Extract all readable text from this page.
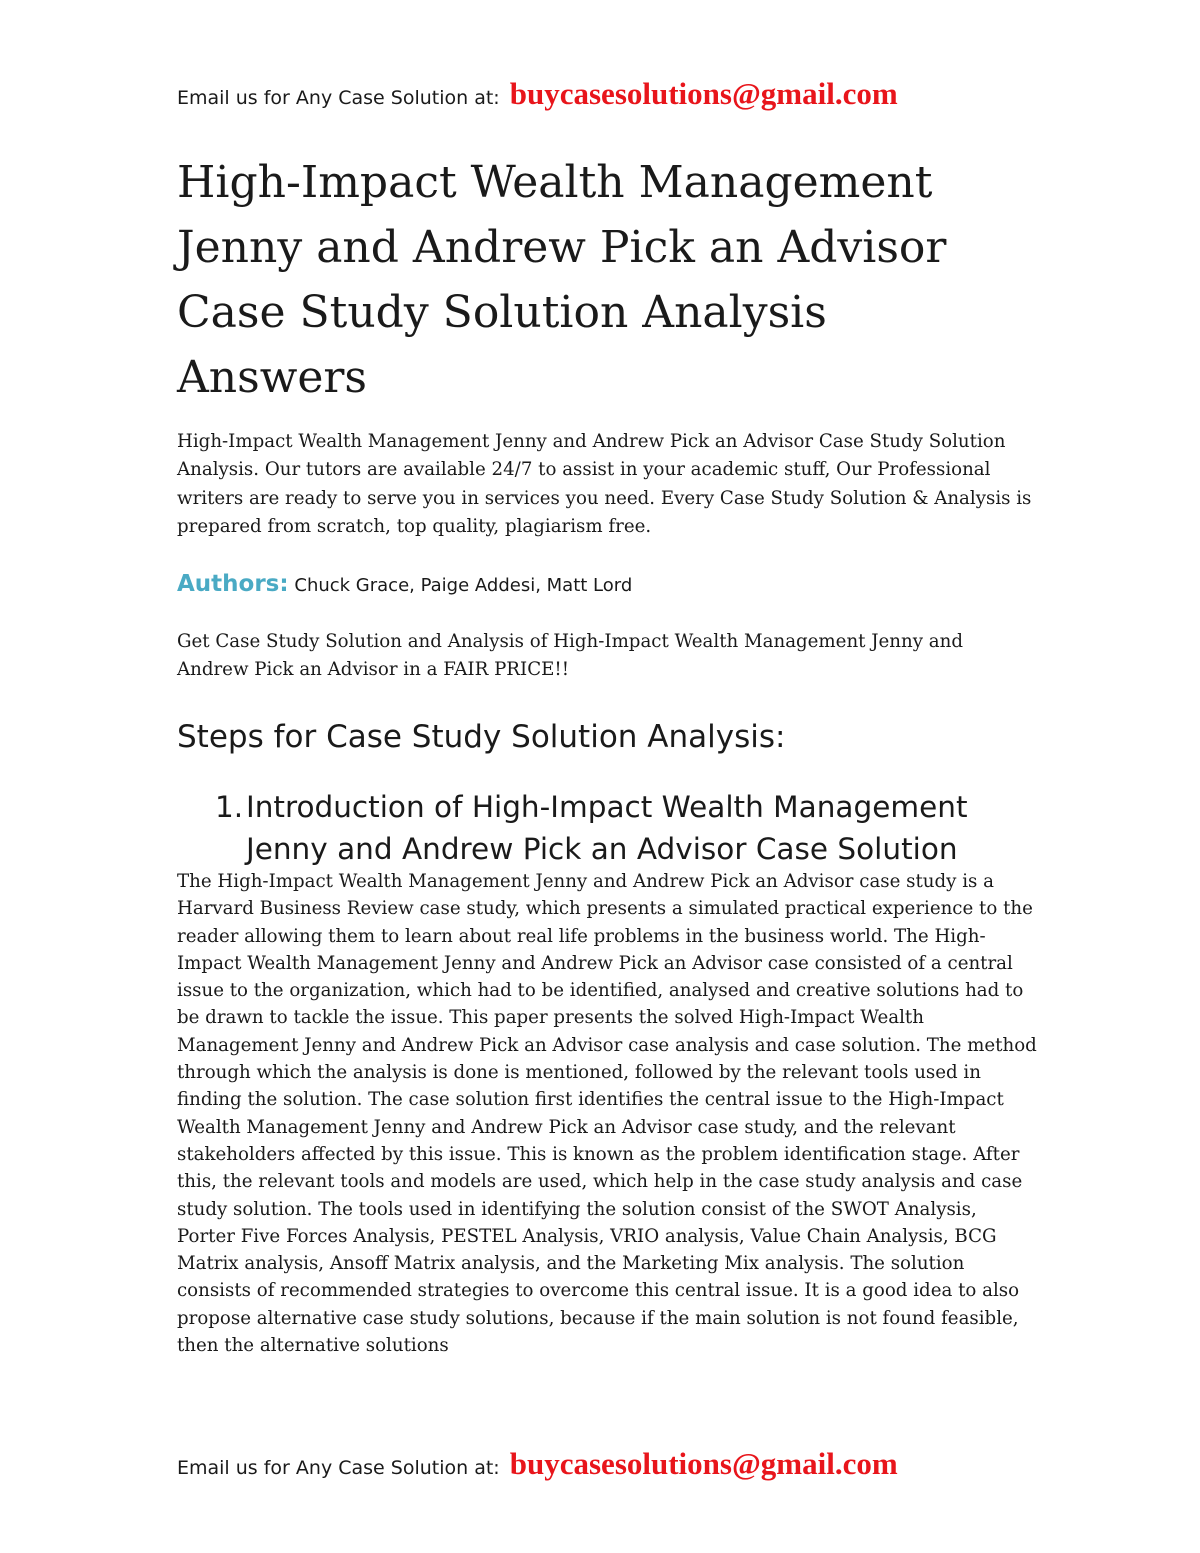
Email us for Any Case Solution at: buycasesolutions@gmail.com
High-Impact Wealth Management
Jenny and Andrew Pick an Advisor
Case Study Solution Analysis
Answers

High-Impact Wealth Management Jenny and Andrew Pick an Advisor Case Study Solution Analysis. Our tutors are available 24/7 to assist in your academic stuff, Our Professional writers are ready to serve you in services you need. Every Case Study Solution & Analysis is prepared from scratch, top quality, plagiarism free.

Authors: Chuck Grace, Paige Addesi, Matt Lord

Get Case Study Solution and Analysis of High-Impact Wealth Management Jenny and Andrew Pick an Advisor in a FAIR PRICE!!

Steps for Case Study Solution Analysis:
1. Introduction of High-Impact Wealth Management
Jenny and Andrew Pick an Advisor Case Solution

The High-Impact Wealth Management Jenny and Andrew Pick an Advisor case study is a Harvard Business Review case study, which presents a simulated practical experience to the reader allowing them to learn about real life problems in the business world. The High-Impact Wealth Management Jenny and Andrew Pick an Advisor case consisted of a central issue to the organization, which had to be identified, analysed and creative solutions had to be drawn to tackle the issue. This paper presents the solved High-Impact Wealth Management Jenny and Andrew Pick an Advisor case analysis and case solution. The method through which the analysis is done is mentioned, followed by the relevant tools used in finding the solution. The case solution first identifies the central issue to the High-Impact Wealth Management Jenny and Andrew Pick an Advisor case study, and the relevant stakeholders affected by this issue. This is known as the problem identification stage. After this, the relevant tools and models are used, which help in the case study analysis and case study solution. The tools used in identifying the solution consist of the SWOT Analysis, Porter Five Forces Analysis, PESTEL Analysis, VRIO analysis, Value Chain Analysis, BCG Matrix analysis, Ansoff Matrix analysis, and the Marketing Mix analysis. The solution consists of recommended strategies to overcome this central issue. It is a good idea to also propose alternative case study solutions, because if the main solution is not found feasible, then the alternative solutions

Email us for Any Case Solution at: buycasesolutions@gmail.com
